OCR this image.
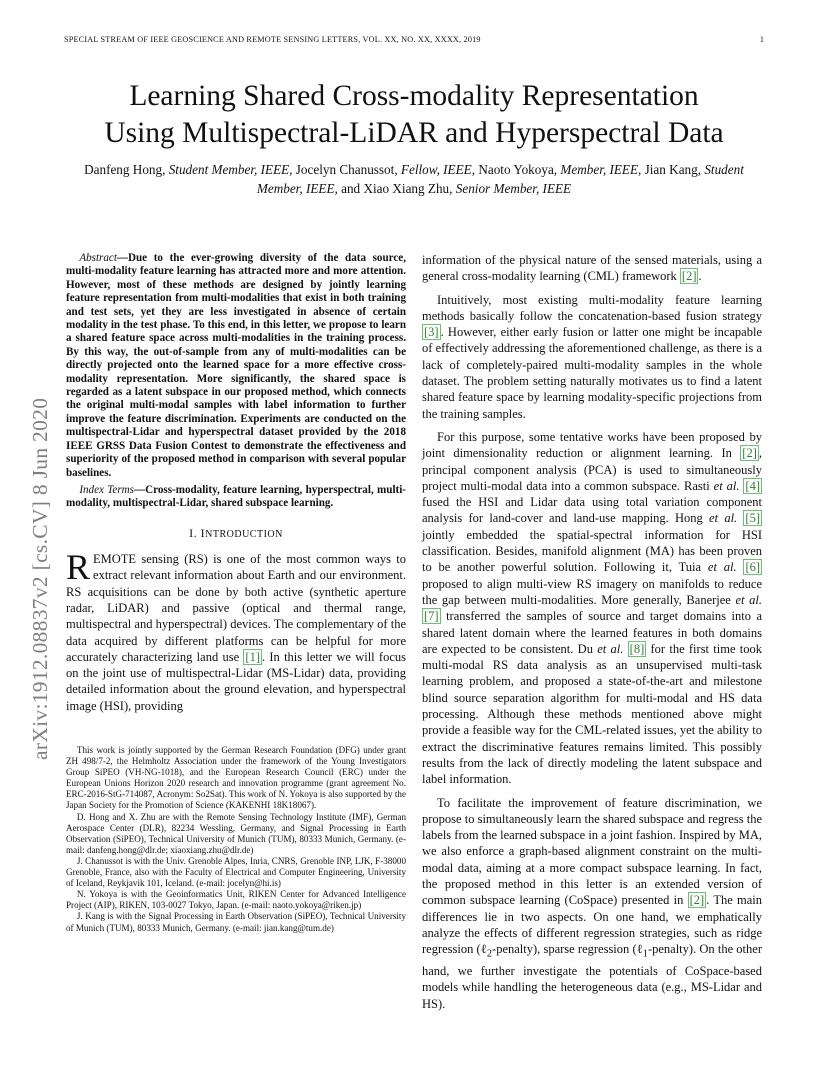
SPECIAL STREAM OF IEEE GEOSCIENCE AND REMOTE SENSING LETTERS, VOL. XX, NO. XX, XXXX, 2019	1
Learning Shared Cross-modality Representation
Using Multispectral-LiDAR and Hyperspectral Data
Danfeng Hong, Student Member, IEEE, Jocelyn Chanussot, Fellow, IEEE, Naoto Yokoya, Member, IEEE, Jian Kang, Student Member, IEEE, and Xiao Xiang Zhu, Senior Member, IEEE
arXiv:1912.08837v2 [cs.CV] 8 Jun 2020

Abstract—Due to the ever-growing diversity of the data source, multi-modality feature learning has attracted more and more attention. However, most of these methods are designed by jointly learning feature representation from multi-modalities that exist in both training and test sets, yet they are less investigated in absence of certain modality in the test phase. To this end, in this letter, we propose to learn a shared feature space across multi-modalities in the training process. By this way, the out-of-sample from any of multi-modalities can be directly projected onto the learned space for a more effective cross-modality representation. More significantly, the shared space is regarded as a latent subspace in our proposed method, which connects the original multi-modal samples with label information to further improve the feature discrimination. Experiments are conducted on the multispectral-Lidar and hyperspectral dataset provided by the 2018 IEEE GRSS Data Fusion Contest to demonstrate the effectiveness and superiority of the proposed method in comparison with several popular baselines.

Index Terms—Cross-modality, feature learning, hyperspectral, multi-modality, multispectral-Lidar, shared subspace learning.

I. INTRODUCTION

REMOTE sensing (RS) is one of the most common ways to extract relevant information about Earth and our environment. RS acquisitions can be done by both active (synthetic aperture radar, LiDAR) and passive (optical and thermal range, multispectral and hyperspectral) devices. The complementary of the data acquired by different platforms can be helpful for more accurately characterizing land use [1] . In this letter we will focus on the joint use of multispectral-Lidar (MS-Lidar) data, providing detailed information about the ground elevation, and hyperspectral image (HSI), providing

This work is jointly supported by the German Research Foundation (DFG) under grant ZH 498/7-2, the Helmholtz Association under the framework of the Young Investigators Group SiPEO (VH-NG-1018), and the European Research Council (ERC) under the European Unions Horizon 2020 research and innovation programme (grant agreement No. ERC-2016-StG-714087, Acronym: So2Sat). This work of N. Yokoya is also supported by the Japan Society for the Promotion of Science (KAKENHI 18K18067).

D. Hong and X. Zhu are with the Remote Sensing Technology Institute (IMF), German Aerospace Center (DLR), 82234 Wessling, Germany, and Signal Processing in Earth Observation (SiPEO), Technical University of Munich (TUM), 80333 Munich, Germany. (e-mail: danfeng.hong@dlr.de; xiaoxiang.zhu@dlr.de)

J. Chanussot is with the Univ. Grenoble Alpes, Inria, CNRS, Grenoble INP, LJK, F-38000 Grenoble, France, also with the Faculty of Electrical and Computer Engineering, University of Iceland, Reykjavik 101, Iceland. (e-mail: jocelyn@hi.is)

N. Yokoya is with the Geoinformatics Unit, RIKEN Center for Advanced Intelligence Project (AIP), RIKEN, 103-0027 Tokyo, Japan. (e-mail: naoto.yokoya@riken.jp)

J. Kang is with the Signal Processing in Earth Observation (SiPEO), Technical University of Munich (TUM), 80333 Munich, Germany. (e-mail: jian.kang@tum.de)

information of the physical nature of the sensed materials, using a general cross-modality learning (CML) framework [2] .

Intuitively, most existing multi-modality feature learning methods basically follow the concatenation-based fusion strategy [3] . However, either early fusion or latter one might be incapable of effectively addressing the aforementioned challenge, as there is a lack of completely-paired multi-modality samples in the whole dataset. The problem setting naturally motivates us to find a latent shared feature space by learning modality-specific projections from the training samples.

For this purpose, some tentative works have been proposed by joint dimensionality reduction or alignment learning. In [2] , principal component analysis (PCA) is used to simultaneously project multi-modal data into a common subspace. Rasti et al. [4] fused the HSI and Lidar data using total variation component analysis for land-cover and land-use mapping. Hong et al. [5] jointly embedded the spatial-spectral information for HSI classification. Besides, manifold alignment (MA) has been proven to be another powerful solution. Following it, Tuia et al. [6] proposed to align multi-view RS imagery on manifolds to reduce the gap between multi-modalities. More generally, Banerjee et al. [7] transferred the samples of source and target domains into a shared latent domain where the learned features in both domains are expected to be consistent. Du et al. [8] for the first time took multi-modal RS data analysis as an unsupervised multi-task learning problem, and proposed a state-of-the-art and milestone blind source separation algorithm for multi-modal and HS data processing. Although these methods mentioned above might provide a feasible way for the CML-related issues, yet the ability to extract the discriminative features remains limited. This possibly results from the lack of directly modeling the latent subspace and label information.

To facilitate the improvement of feature discrimination, we propose to simultaneously learn the shared subspace and regress the labels from the learned subspace in a joint fashion. Inspired by MA, we also enforce a graph-based alignment constraint on the multi-modal data, aiming at a more compact subspace learning. In fact, the proposed method in this letter is an extended version of common subspace learning (CoSpace) presented in [2] . The main differences lie in two aspects. On one hand, we emphatically analyze the effects of different regression strategies, such as ridge regression (ℓ$_2$-penalty), sparse regression (ℓ$_1$-penalty). On the other hand, we further investigate the potentials of CoSpace-based models while handling the heterogeneous data (e.g., MS-Lidar and HS).
